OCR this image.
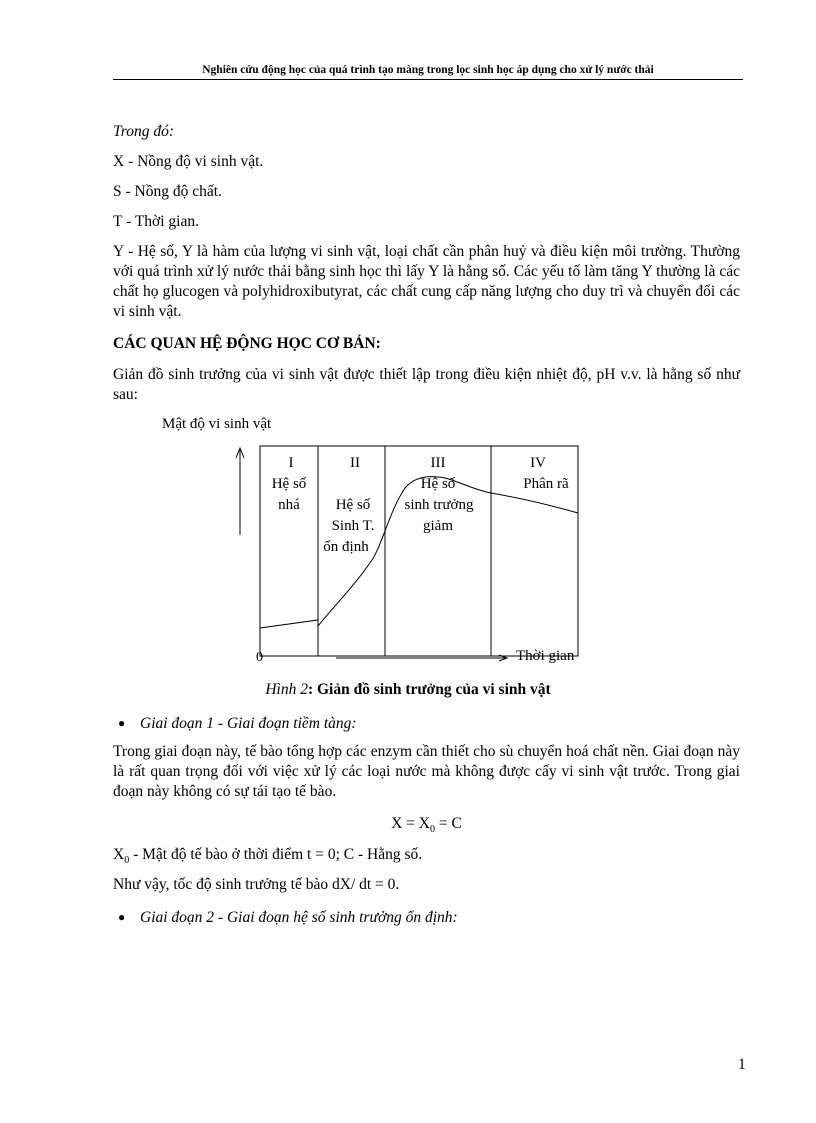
Nghiên cứu động học của quá trình tạo màng trong lọc sinh học áp dụng cho xử lý nước thải
Trong đó:
X - Nồng độ vi sinh vật.
S - Nồng độ chất.
T - Thời gian.
Y - Hệ số, Y là hàm của lượng vi sinh vật, loại chất cần phân huỷ và điều kiện môi trường. Thường với quá trình xử lý nước thải bằng sinh học thì lấy Y là hằng số. Các yếu tố làm tăng Y thường là các chất họ glucogen và polyhidroxibutyrat, các chất cung cấp năng lượng cho duy trì và chuyển đổi các vi sinh vật.
CÁC QUAN HỆ ĐỘNG HỌC CƠ BẢN:
Giản đồ sinh trưởng của vi sinh vật được thiết lập trong điều kiện nhiệt độ, pH v.v. là hằng số như sau:
Mật độ vi sinh vật
I
Hệ số
nhá
II
Hệ số
Sinh T.
ổn định
III
Hệ số
sinh trưởng
giảm
IV
Phân rã
0	Thời gian
Hình 2: Giản đồ sinh trưởng của vi sinh vật
● Giai đoạn 1 - Giai đoạn tiềm tàng:
Trong giai đoạn này, tế bào tổng hợp các enzym cần thiết cho sù chuyển hoá chất nền. Giai đoạn này là rất quan trọng đối với việc xử lý các loại nước mà không được cấy vi sinh vật trước. Trong giai đoạn này không có sự tái tạo tế bào.
$X = X_0 = C$
$X_0$ - Mật độ tế bào ở thời điểm t = 0; C - Hằng số.
Như vậy, tốc độ sinh trưởng tế bào dX/ dt = 0.
● Giai đoạn 2 - Giai đoạn hệ số sinh trưởng ổn định:
1
